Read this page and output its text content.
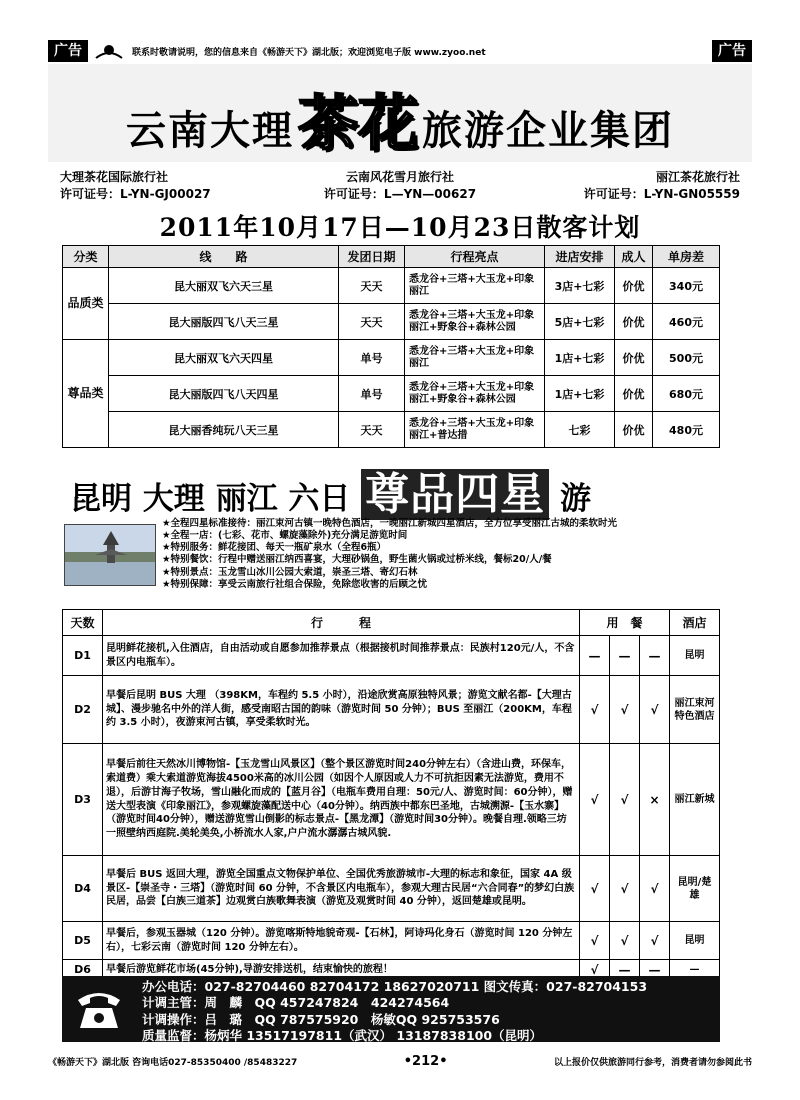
广告	联系时敬请说明，您的信息来自《畅游天下》湖北版；欢迎浏览电子版 www.zyoo.net	广告
云南大理茶花 旅游企业集团
大理茶花国际旅行社	云南风花雪月旅行社	丽江茶花旅行社
许可证号：L-YN-GJ00027	许可证号：L—YN—00627	许可证号：L-YN-GN05559
2011年10月17日—10月23日散客计划
分类	线　　路	发团日期	行程亮点	进店安排	成人	单房差
品质类	昆大丽双飞六天三星	天天	悉龙谷+三塔+大玉龙+印象丽江	3店+七彩	价优	340元
	昆大丽版四飞八天三星	天天	悉龙谷+三塔+大玉龙+印象丽江+野象谷+森林公园	5店+七彩	价优	460元
尊品类	昆大丽双飞六天四星	单号	悉龙谷+三塔+大玉龙+印象丽江	1店+七彩	价优	500元
	昆大丽版四飞八天四星	单号	悉龙谷+三塔+大玉龙+印象丽江+野象谷+森林公园	1店+七彩	价优	680元
	昆大丽香纯玩八天三星	天天	悉龙谷+三塔+大玉龙+印象丽江+普达措	七彩	价优	480元
昆明 大理 丽江 六日 尊品四星 游
★全程四星标准接待：丽江束河古镇一晚特色酒店，一晚丽江新城四星酒店，全方位享受丽江古城的柔软时光
★全程一店：(七彩、花市、螺旋藻除外)充分满足游览时间
★特别服务：鲜花接团、每天一瓶矿泉水（全程6瓶）
★特别餐饮：行程中赠送丽江纳西喜宴，大理砂锅鱼，野生菌火锅或过桥米线，餐标20/人/餐
★特别景点：玉龙雪山冰川公园大索道，崇圣三塔、寄幻石林
★特别保障：享受云南旅行社组合保险，免除您收害的后顾之忧
天数	行　　　程	用　餐			酒店
D1	昆明鲜花接机,入住酒店，自由活动或自愿参加推荐景点（根据接机时间推荐景点：民族村120元/人，不含景区内电瓶车）。	—	—	—	昆明
D2	早餐后昆明 BUS 大理 （398KM，车程约 5.5 小时），沿途欣赏高原独特风景；游览文献名都-【大理古城】、漫步驰名中外的洋人街，感受南昭古国的韵味（游览时间 50 分钟）；BUS 至丽江（200KM，车程约 3.5 小时），夜游束河古镇，享受柔软时光。	√	√	√	丽江束河特色酒店
D3	早餐后前往天然冰川博物馆-【玉龙雪山风景区】（整个景区游览时间240分钟左右）（含进山费，环保车，索道费）乘大索道游览海拔4500米高的冰川公园（如因个人原因或人力不可抗拒因素无法游览，费用不退），后游甘海子牧场，雪山融化而成的【蓝月谷】（电瓶车费用自理：50元/人、游览时间：60分钟），赠送大型表演《印象丽江》，参观螺旋藻配送中心（40分钟）。纳西族中都东巴圣地，古城溯源-【玉水寨】（游览时间40分钟），赠送游览雪山倒影的标志景点-【黑龙潭】（游览时间30分钟）。晚餐自理.领略三坊一照壁纳西庭院.美轮美奂,小桥流水人家,户户流水潺潺古城风貌.	√	√	×	丽江新城
D4	早餐后 BUS 返回大理，游览全国重点文物保护单位、全国优秀旅游城市-大理的标志和象征，国家 4A 级景区-【崇圣寺・三塔】（游览时间 60 分钟，不含景区内电瓶车），参观大理古民居“六合同春”的梦幻白族民居，品尝【白族三道茶】边观赏白族歌舞表演（游览及观赏时间 40 分钟），返回楚雄或昆明。	√	√	√	昆明/楚雄
D5	早餐后，参观玉器城（120 分钟）。游览喀斯特地貌奇观-【石林】，阿诗玛化身石（游览时间 120 分钟左右），七彩云南（游览时间 120 分钟左右）。	√	√	√	昆明
D6	早餐后游览鲜花市场(45分钟),导游安排送机，结束愉快的旅程！	√	—	—	—
办公电话：027-82704460 82704172 18627020711 图文传真：027-82704153
计调主管：周　麟　QQ 457247824　424274564
计调操作：吕　璐　QQ 787575920　杨敏QQ 925753576
质量监督：杨炳华 13517197811（武汉） 13187838100（昆明）
《畅游天下》湖北版 咨询电话027-85350400 /85483227	•212•	以上报价仅供旅游同行参考，消费者请勿参阅此书
